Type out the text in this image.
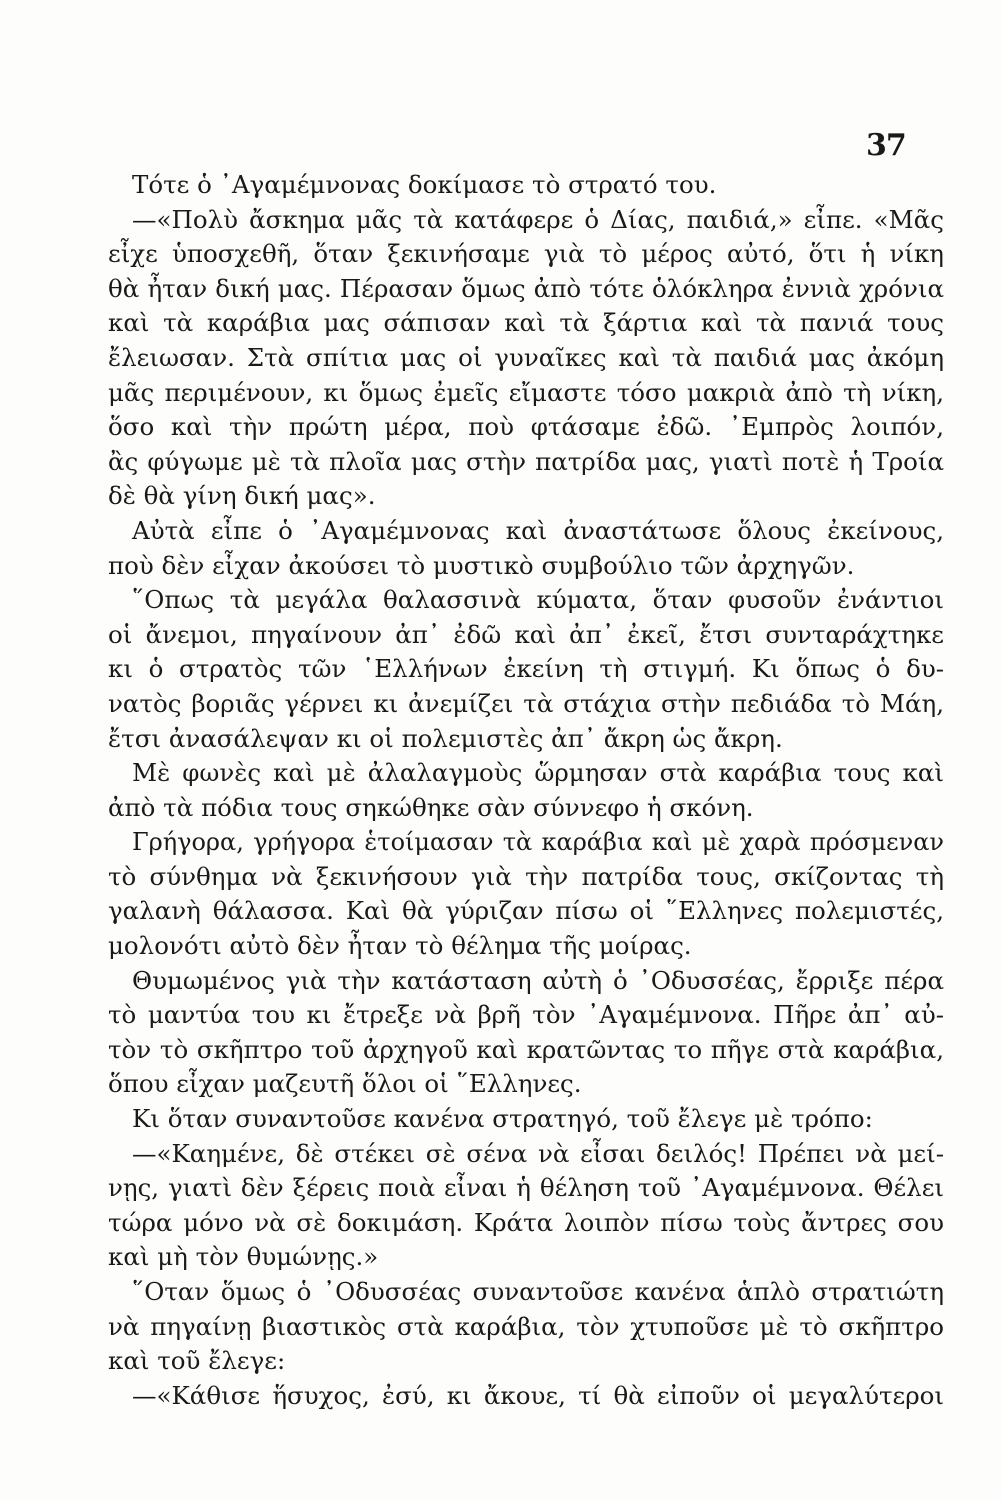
37
Τότε ὁ ᾿Αγαμέμνονας δοκίμασε τὸ στρατό του.
—«Πολὺ ἄσκημα μᾶς τὰ κατάφερε ὁ Δίας, παιδιά,» εἶπε. «Μᾶς
εἶχε ὑποσχεθῆ, ὅταν ξεκινήσαμε γιὰ τὸ μέρος αὐτό, ὅτι ἡ νίκη
θὰ ἦταν δική μας. Πέρασαν ὅμως ἀπὸ τότε ὁλόκληρα ἐννιὰ χρόνια
καὶ τὰ καράβια μας σάπισαν καὶ τὰ ξάρτια καὶ τὰ πανιά τους
ἔλειωσαν. Στὰ σπίτια μας οἱ γυναῖκες καὶ τὰ παιδιά μας ἀκόμη
μᾶς περιμένουν, κι ὅμως ἐμεῖς εἴμαστε τόσο μακριὰ ἀπὸ τὴ νίκη,
ὅσο καὶ τὴν πρώτη μέρα, ποὺ φτάσαμε ἐδῶ. ᾿Εμπρὸς λοιπόν,
ἂς φύγωμε μὲ τὰ πλοῖα μας στὴν πατρίδα μας, γιατὶ ποτὲ ἡ Τροία
δὲ θὰ γίνη δική μας».
Αὐτὰ εἶπε ὁ ᾿Αγαμέμνονας καὶ ἀναστάτωσε ὅλους ἐκείνους,
ποὺ δὲν εἶχαν ἀκούσει τὸ μυστικὸ συμβούλιο τῶν ἀρχηγῶν.
῞Οπως τὰ μεγάλα θαλασσινὰ κύματα, ὅταν φυσοῦν ἐνάντιοι
οἱ ἄνεμοι, πηγαίνουν ἀπ᾿ ἐδῶ καὶ ἀπ᾿ ἐκεῖ, ἔτσι συνταράχτηκε
κι ὁ στρατὸς τῶν ῾Ελλήνων ἐκείνη τὴ στιγμή. Κι ὅπως ὁ δυ-
νατὸς βοριᾶς γέρνει κι ἀνεμίζει τὰ στάχια στὴν πεδιάδα τὸ Μάη,
ἔτσι ἀνασάλεψαν κι οἱ πολεμιστὲς ἀπ᾿ ἄκρη ὡς ἄκρη.
Μὲ φωνὲς καὶ μὲ ἀλαλαγμοὺς ὥρμησαν στὰ καράβια τους καὶ
ἀπὸ τὰ πόδια τους σηκώθηκε σὰν σύννεφο ἡ σκόνη.
Γρήγορα, γρήγορα ἑτοίμασαν τὰ καράβια καὶ μὲ χαρὰ πρόσμεναν
τὸ σύνθημα νὰ ξεκινήσουν γιὰ τὴν πατρίδα τους, σκίζοντας τὴ
γαλανὴ θάλασσα. Καὶ θὰ γύριζαν πίσω οἱ ῞Ελληνες πολεμιστές,
μολονότι αὐτὸ δὲν ἦταν τὸ θέλημα τῆς μοίρας.
Θυμωμένος γιὰ τὴν κατάσταση αὐτὴ ὁ ᾿Οδυσσέας, ἔρριξε πέρα
τὸ μαντύα του κι ἔτρεξε νὰ βρῆ τὸν ᾿Αγαμέμνονα. Πῆρε ἀπ᾿ αὐ-
τὸν τὸ σκῆπτρο τοῦ ἀρχηγοῦ καὶ κρατῶντας το πῆγε στὰ καράβια,
ὅπου εἶχαν μαζευτῆ ὅλοι οἱ ῞Ελληνες.
Κι ὅταν συναντοῦσε κανένα στρατηγό, τοῦ ἔλεγε μὲ τρόπο:
—«Καημένε, δὲ στέκει σὲ σένα νὰ εἶσαι δειλός! Πρέπει νὰ μεί-
νῃς, γιατὶ δὲν ξέρεις ποιὰ εἶναι ἡ θέληση τοῦ ᾿Αγαμέμνονα. Θέλει
τώρα μόνο νὰ σὲ δοκιμάση. Κράτα λοιπὸν πίσω τοὺς ἄντρες σου
καὶ μὴ τὸν θυμώνῃς.»
῞Οταν ὅμως ὁ ᾿Οδυσσέας συναντοῦσε κανένα ἁπλὸ στρατιώτη
νὰ πηγαίνῃ βιαστικὸς στὰ καράβια, τὸν χτυποῦσε μὲ τὸ σκῆπτρο
καὶ τοῦ ἔλεγε:
—«Κάθισε ἥσυχος, ἐσύ, κι ἄκουε, τί θὰ εἰποῦν οἱ μεγαλύτεροι
